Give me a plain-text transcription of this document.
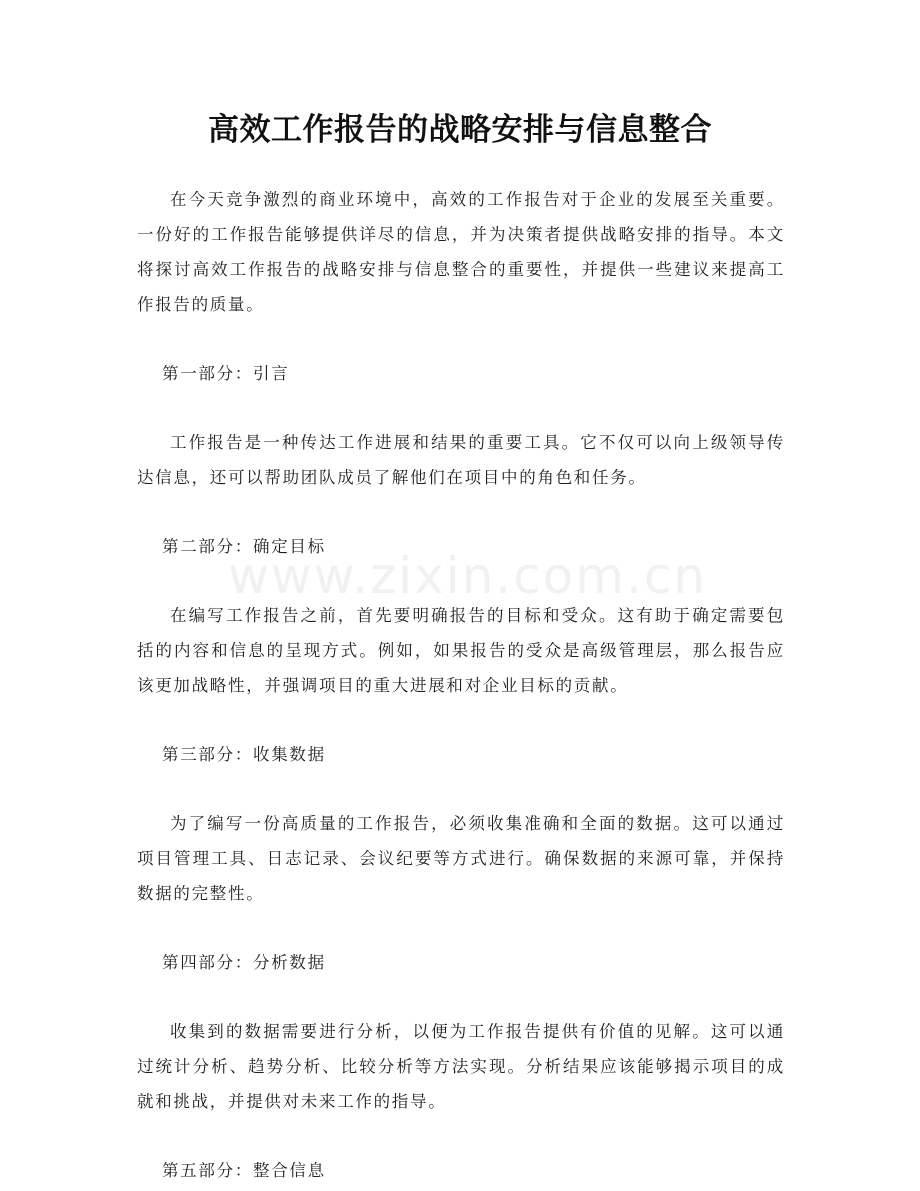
高效工作报告的战略安排与信息整合
www.zixin.com.cn

在今天竞争激烈的商业环境中，高效的工作报告对于企业的发展至关重要。一份好的工作报告能够提供详尽的信息，并为决策者提供战略安排的指导。本文将探讨高效工作报告的战略安排与信息整合的重要性，并提供一些建议来提高工作报告的质量。

第一部分：引言

工作报告是一种传达工作进展和结果的重要工具。它不仅可以向上级领导传达信息，还可以帮助团队成员了解他们在项目中的角色和任务。

第二部分：确定目标

在编写工作报告之前，首先要明确报告的目标和受众。这有助于确定需要包括的内容和信息的呈现方式。例如，如果报告的受众是高级管理层，那么报告应该更加战略性，并强调项目的重大进展和对企业目标的贡献。

第三部分：收集数据

为了编写一份高质量的工作报告，必须收集准确和全面的数据。这可以通过项目管理工具、日志记录、会议纪要等方式进行。确保数据的来源可靠，并保持数据的完整性。

第四部分：分析数据

收集到的数据需要进行分析，以便为工作报告提供有价值的见解。这可以通过统计分析、趋势分析、比较分析等方法实现。分析结果应该能够揭示项目的成就和挑战，并提供对未来工作的指导。

第五部分：整合信息
